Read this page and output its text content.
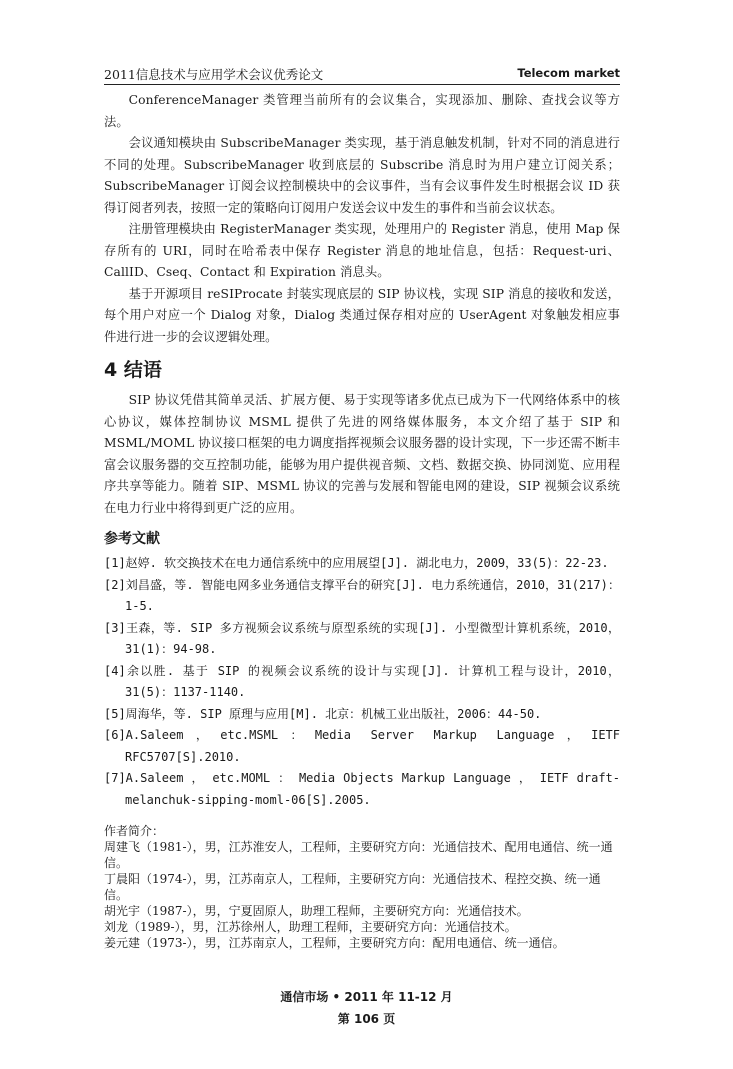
2011信息技术与应用学术会议优秀论文	Telecom market

ConferenceManager 类管理当前所有的会议集合，实现添加、删除、查找会议等方法。

会议通知模块由 SubscribeManager 类实现，基于消息触发机制，针对不同的消息进行不同的处理。SubscribeManager 收到底层的 Subscribe 消息时为用户建立订阅关系；SubscribeManager 订阅会议控制模块中的会议事件，当有会议事件发生时根据会议 ID 获得订阅者列表，按照一定的策略向订阅用户发送会议中发生的事件和当前会议状态。

注册管理模块由 RegisterManager 类实现，处理用户的 Register 消息，使用 Map 保存所有的 URI，同时在哈希表中保存 Register 消息的地址信息，包括：Request-uri、CallID、Cseq、Contact 和 Expiration 消息头。

基于开源项目 reSIProcate 封装实现底层的 SIP 协议栈，实现 SIP 消息的接收和发送，每个用户对应一个 Dialog 对象，Dialog 类通过保存相对应的 UserAgent 对象触发相应事件进行进一步的会议逻辑处理。

4 结语

SIP 协议凭借其简单灵活、扩展方便、易于实现等诸多优点已成为下一代网络体系中的核心协议，媒体控制协议 MSML 提供了先进的网络媒体服务，本文介绍了基于 SIP 和 MSML/MOML 协议接口框架的电力调度指挥视频会议服务器的设计实现，下一步还需不断丰富会议服务器的交互控制功能，能够为用户提供视音频、文档、数据交换、协同浏览、应用程序共享等能力。随着 SIP、MSML 协议的完善与发展和智能电网的建设，SIP 视频会议系统在电力行业中将得到更广泛的应用。

参考文献
[1]赵婷. 软交换技术在电力通信系统中的应用展望[J]. 湖北电力，2009，33(5)：22-23.
[2]刘昌盛，等. 智能电网多业务通信支撑平台的研究[J]. 电力系统通信，2010，31(217)：1-5.
[3]王森，等. SIP 多方视频会议系统与原型系统的实现[J]. 小型微型计算机系统，2010，31(1)：94-98.
[4]余以胜. 基于 SIP 的视频会议系统的设计与实现[J]. 计算机工程与设计，2010，31(5)：1137-1140.
[5]周海华，等. SIP 原理与应用[M]. 北京：机械工业出版社，2006：44-50.
[6]A.Saleem，etc.MSML：Media Server Markup Language，IETF RFC5707[S].2010.
[7]A.Saleem ， etc.MOML ： Media Objects Markup Language ， IETF draft-melanchuk-sipping-moml-06[S].2005.
作者简介：
周建飞（1981-），男，江苏淮安人，工程师，主要研究方向：光通信技术、配用电通信、统一通信。
丁晨阳（1974-），男，江苏南京人，工程师，主要研究方向：光通信技术、程控交换、统一通信。
胡光宇（1987-），男，宁夏固原人，助理工程师，主要研究方向：光通信技术。
刘龙（1989-），男，江苏徐州人，助理工程师，主要研究方向：光通信技术。
姜元建（1973-），男，江苏南京人，工程师，主要研究方向：配用电通信、统一通信。
通信市场 • 2011 年 11-12 月
第 106 页
